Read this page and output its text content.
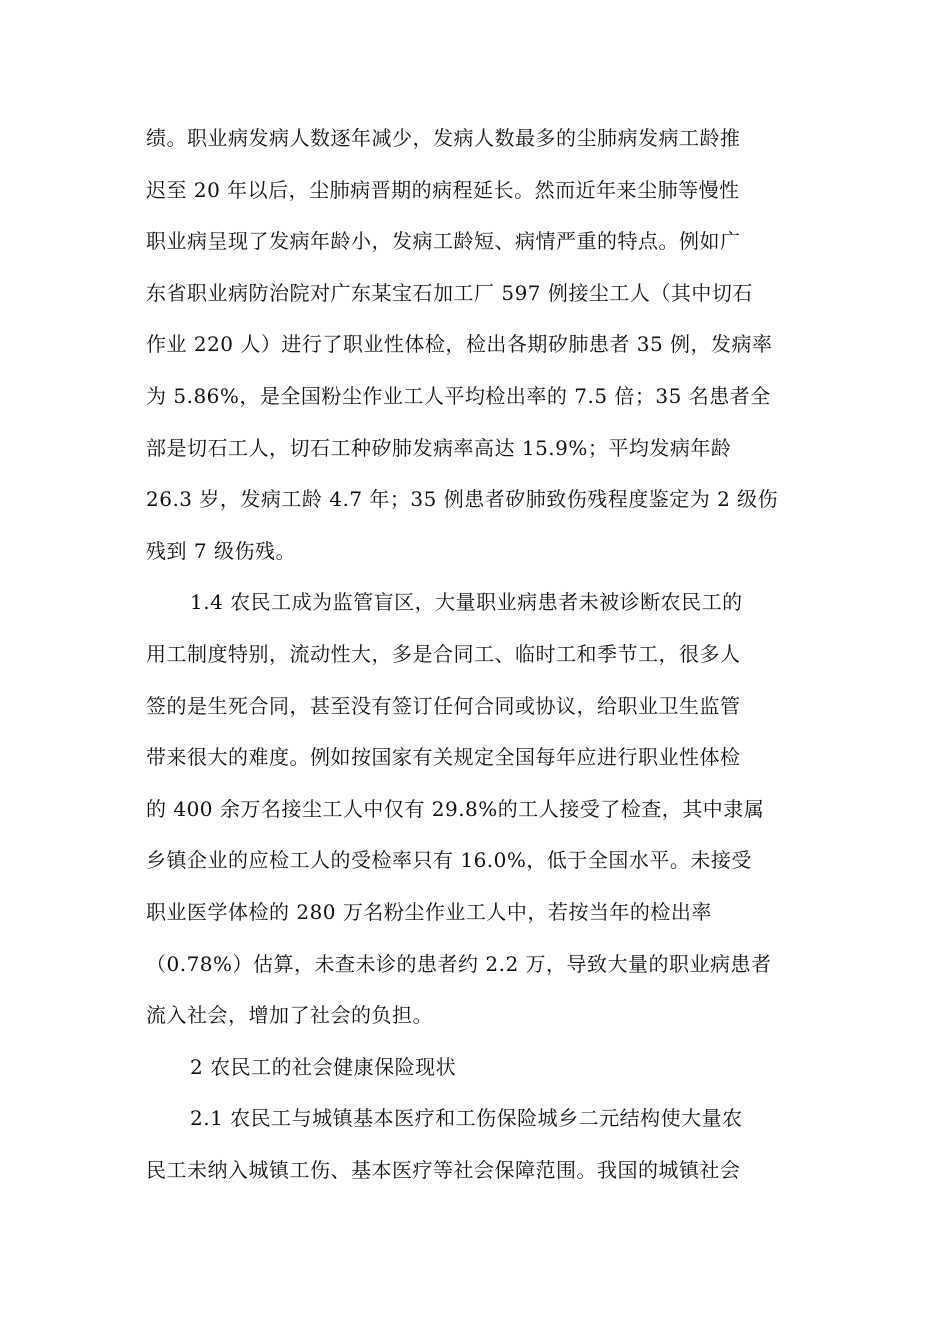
绩。职业病发病人数逐年减少，发病人数最多的尘肺病发病工龄推
迟至 20 年以后，尘肺病晋期的病程延长。然而近年来尘肺等慢性
职业病呈现了发病年龄小，发病工龄短、病情严重的特点。例如广
东省职业病防治院对广东某宝石加工厂 597 例接尘工人（其中切石
作业 220 人）进行了职业性体检，检出各期矽肺患者 35 例，发病率
为 5.86%，是全国粉尘作业工人平均检出率的 7.5 倍；35 名患者全
部是切石工人，切石工种矽肺发病率高达 15.9%；平均发病年龄
26.3 岁，发病工龄 4.7 年；35 例患者矽肺致伤残程度鉴定为 2 级伤
残到 7 级伤残。
1.4 农民工成为监管盲区，大量职业病患者未被诊断农民工的
用工制度特别，流动性大，多是合同工、临时工和季节工，很多人
签的是生死合同，甚至没有签订任何合同或协议，给职业卫生监管
带来很大的难度。例如按国家有关规定全国每年应进行职业性体检
的 400 余万名接尘工人中仅有 29.8%的工人接受了检查，其中隶属
乡镇企业的应检工人的受检率只有 16.0%，低于全国水平。未接受
职业医学体检的 280 万名粉尘作业工人中，若按当年的检出率
（0.78%）估算，未查未诊的患者约 2.2 万，导致大量的职业病患者
流入社会，增加了社会的负担。
2 农民工的社会健康保险现状
2.1 农民工与城镇基本医疗和工伤保险城乡二元结构使大量农
民工未纳入城镇工伤、基本医疗等社会保障范围。我国的城镇社会
